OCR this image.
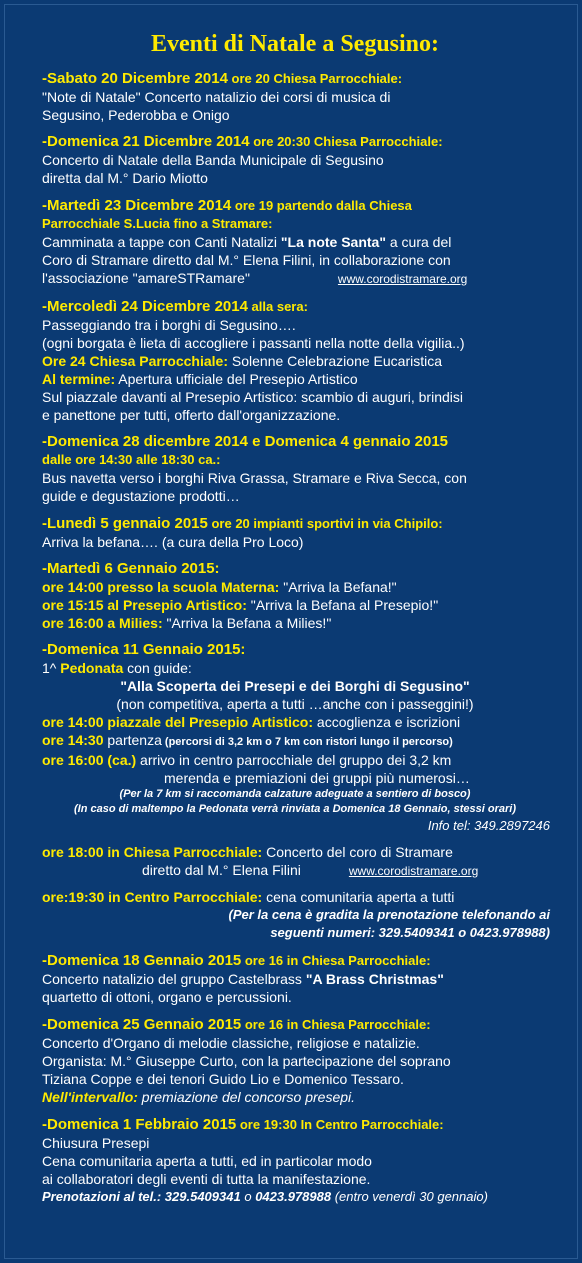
Eventi di Natale a Segusino:
-Sabato 20 Dicembre 2014 ore 20 Chiesa Parrocchiale:
"Note di Natale" Concerto natalizio dei corsi di musica di
Segusino, Pederobba e Onigo
-Domenica 21 Dicembre 2014 ore 20:30 Chiesa Parrocchiale:
Concerto di Natale della Banda Municipale di Segusino
diretta dal M.° Dario Miotto
-Martedì 23 Dicembre 2014 ore 19 partendo dalla Chiesa
Parrocchiale S.Lucia fino a Stramare:
Camminata a tappe con Canti Natalizi "La note Santa" a cura del
Coro di Stramare diretto dal M.° Elena Filini, in collaborazione con
l'associazione "amareSTRamare"	www.corodistramare.org
-Mercoledì 24 Dicembre 2014 alla sera:
Passeggiando tra i borghi di Segusino….
(ogni borgata è lieta di accogliere i passanti nella notte della vigilia..)
Ore 24 Chiesa Parrocchiale: Solenne Celebrazione Eucaristica
Al termine: Apertura ufficiale del Presepio Artistico
Sul piazzale davanti al Presepio Artistico: scambio di auguri, brindisi
e panettone per tutti, offerto dall'organizzazione.
-Domenica 28 dicembre 2014 e Domenica 4 gennaio 2015
dalle ore 14:30 alle 18:30 ca.:
Bus navetta verso i borghi Riva Grassa, Stramare e Riva Secca, con
guide e degustazione prodotti…
-Lunedì 5 gennaio 2015 ore 20 impianti sportivi in via Chipilo:
Arriva la befana…. (a cura della Pro Loco)
-Martedì 6 Gennaio 2015:
ore 14:00 presso la scuola Materna: "Arriva la Befana!"
ore 15:15 al Presepio Artistico: "Arriva la Befana al Presepio!"
ore 16:00 a Milies: "Arriva la Befana a Milies!"
-Domenica 11 Gennaio 2015:
1^ Pedonata con guide:
"Alla Scoperta dei Presepi e dei Borghi di Segusino"
(non competitiva, aperta a tutti …anche con i passeggini!)
ore 14:00 piazzale del Presepio Artistico: accoglienza e iscrizioni
ore 14:30 partenza (percorsi di 3,2 km o 7 km con ristori lungo il percorso)
ore 16:00 (ca.) arrivo in centro parrocchiale del gruppo dei 3,2 km
merenda e premiazioni dei gruppi più numerosi…
(Per la 7 km si raccomanda calzature adeguate a sentiero di bosco)
(In caso di maltempo la Pedonata verrà rinviata a Domenica 18 Gennaio, stessi orari)
Info tel: 349.2897246
ore 18:00 in Chiesa Parrocchiale: Concerto del coro di Stramare
diretto dal M.° Elena Filini	www.corodistramare.org
ore:19:30 in Centro Parrocchiale: cena comunitaria aperta a tutti
(Per la cena è gradita la prenotazione telefonando ai
seguenti numeri: 329.5409341 o 0423.978988)
-Domenica 18 Gennaio 2015 ore 16 in Chiesa Parrocchiale:
Concerto natalizio del gruppo Castelbrass "A Brass Christmas"
quartetto di ottoni, organo e percussioni.
-Domenica 25 Gennaio 2015 ore 16 in Chiesa Parrocchiale:
Concerto d'Organo di melodie classiche, religiose e natalizie.
Organista: M.° Giuseppe Curto, con la partecipazione del soprano
Tiziana Coppe e dei tenori Guido Lio e Domenico Tessaro.
Nell'intervallo: premiazione del concorso presepi.
-Domenica 1 Febbraio 2015 ore 19:30 In Centro Parrocchiale:
Chiusura Presepi
Cena comunitaria aperta a tutti, ed in particolar modo
ai collaboratori degli eventi di tutta la manifestazione.
Prenotazioni al tel.: 329.5409341 o 0423.978988 (entro venerdì 30 gennaio)
